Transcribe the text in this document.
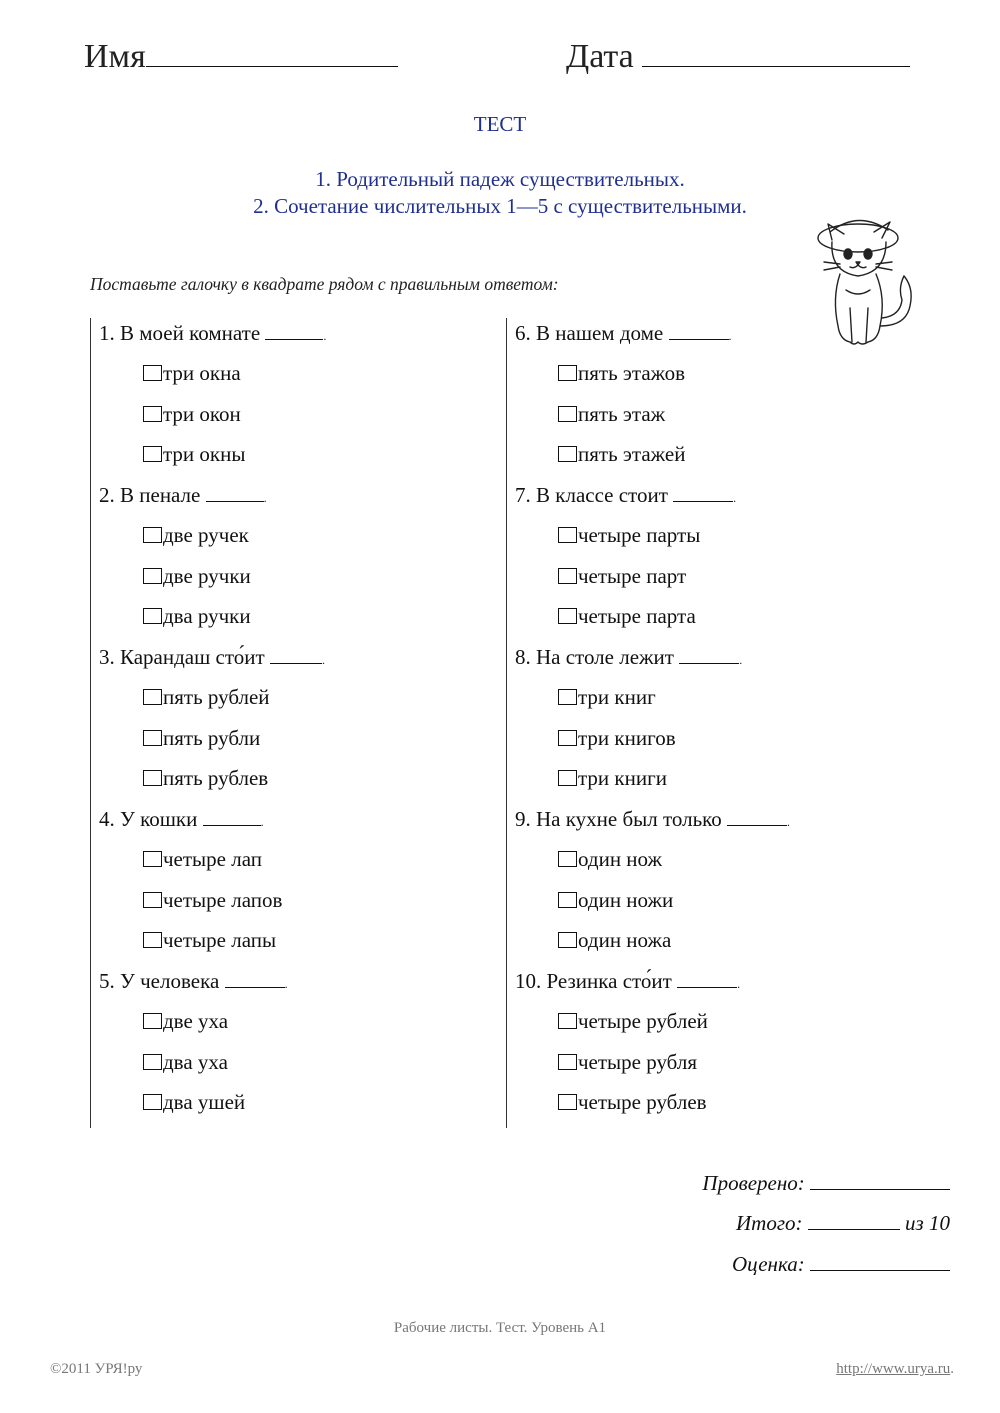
Имя	Дата
ТЕСТ
1. Родительный падеж существительных.
2. Сочетание числительных 1—5 с существительными.
Поставьте галочку в квадрате рядом с правильным ответом:
1. В моей комнате	.
три окна
три окон
три окны
2. В пенале	.
две ручек
две ручки
два ручки
3. Карандаш сто́ит	.
пять рублей
пять рубли
пять рублев
4. У кошки	.
четыре лап
четыре лапов
четыре лапы
5. У человека	.
две уха
два уха
два ушей
6. В нашем доме	.
пять этажов
пять этаж
пять этажей
7. В классе стоит	.
четыре парты
четыре парт
четыре парта
8. На столе лежит	.
три книг
три книгов
три книги
9. На кухне был только	.
один нож
один ножи
один ножа
10. Резинка сто́ит	.
четыре рублей
четыре рубля
четыре рублев
Проверено:
Итого:	из 10
Оценка:
Рабочие листы. Тест. Уровень А1
©2011 УРЯ!ру	http://www.urya.ru.
